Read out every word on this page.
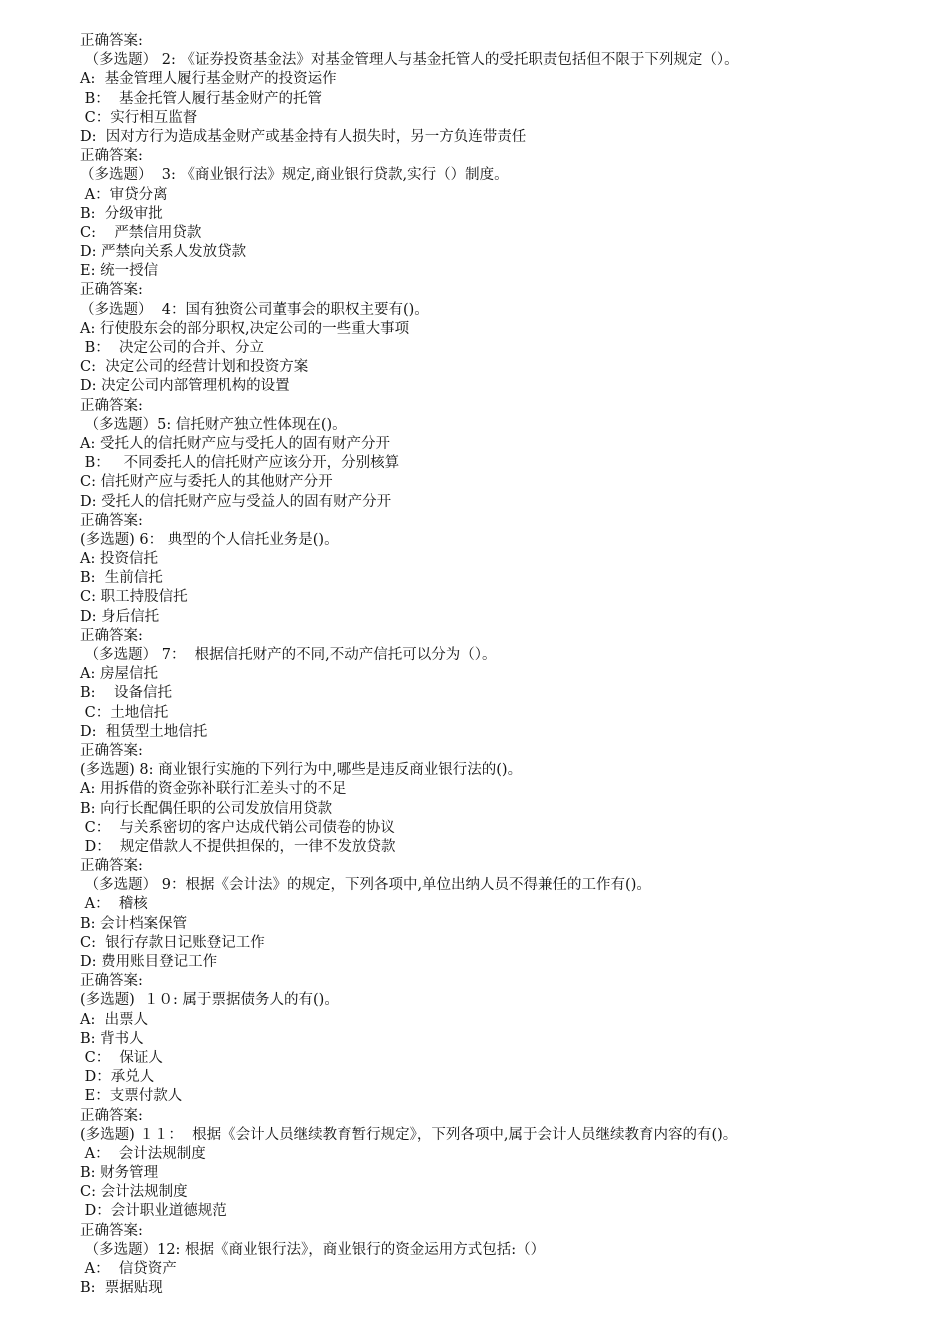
正确答案:
（多选题） 2: 《证券投资基金法》对基金管理人与基金托管人的受托职责包括但不限于下列规定（）。
A:  基金管理人履行基金财产的投资运作
B：  基金托管人履行基金财产的托管
C：实行相互监督
D:  因对方行为造成基金财产或基金持有人损失时，另一方负连带责任
正确答案:
（多选题）  3: 《商业银行法》规定,商业银行贷款,实行（）制度。
A：审贷分离
B:  分级审批
C:    严禁信用贷款
D: 严禁向关系人发放贷款
E: 统一授信
正确答案:
（多选题）  4：国有独资公司董事会的职权主要有()。
A: 行使股东会的部分职权,决定公司的一些重大事项
B：  决定公司的合并、分立
C:  决定公司的经营计划和投资方案
D: 决定公司内部管理机构的设置
正确答案:
（多选题）5: 信托财产独立性体现在()。
A: 受托人的信托财产应与受托人的固有财产分开
B：   不同委托人的信托财产应该分开，分别核算
C: 信托财产应与委托人的其他财产分开
D: 受托人的信托财产应与受益人的固有财产分开
正确答案:
(多选题) 6： 典型的个人信托业务是()。
A: 投资信托
B:  生前信托
C: 职工持股信托
D: 身后信托
正确答案:
（多选题） 7：  根据信托财产的不同,不动产信托可以分为（）。
A: 房屋信托
B:    设备信托
C：土地信托
D:  租赁型土地信托
正确答案:
(多选题) 8: 商业银行实施的下列行为中,哪些是违反商业银行法的()。
A: 用拆借的资金弥补联行汇差头寸的不足
B: 向行长配偶任职的公司发放信用贷款
C：  与关系密切的客户达成代销公司债卷的协议
D：  规定借款人不提供担保的，一律不发放贷款
正确答案:
（多选题） 9：根据《会计法》的规定，下列各项中,单位出纳人员不得兼任的工作有()。
A：  稽核
B: 会计档案保管
C:  银行存款日记账登记工作
D: 费用账目登记工作
正确答案:
(多选题)  １０: 属于票据债务人的有()。
A:  出票人
B: 背书人
C：  保证人
D：承兑人
E：支票付款人
正确答案:
(多选题) １１：  根据《会计人员继续教育暂行规定》，下列各项中,属于会计人员继续教育内容的有()。
A：  会计法规制度
B: 财务管理
C: 会计法规制度
D：会计职业道德规范
正确答案:
（多选题）12: 根据《商业银行法》，商业银行的资金运用方式包括:（）
A：  信贷资产
B:  票据贴现
